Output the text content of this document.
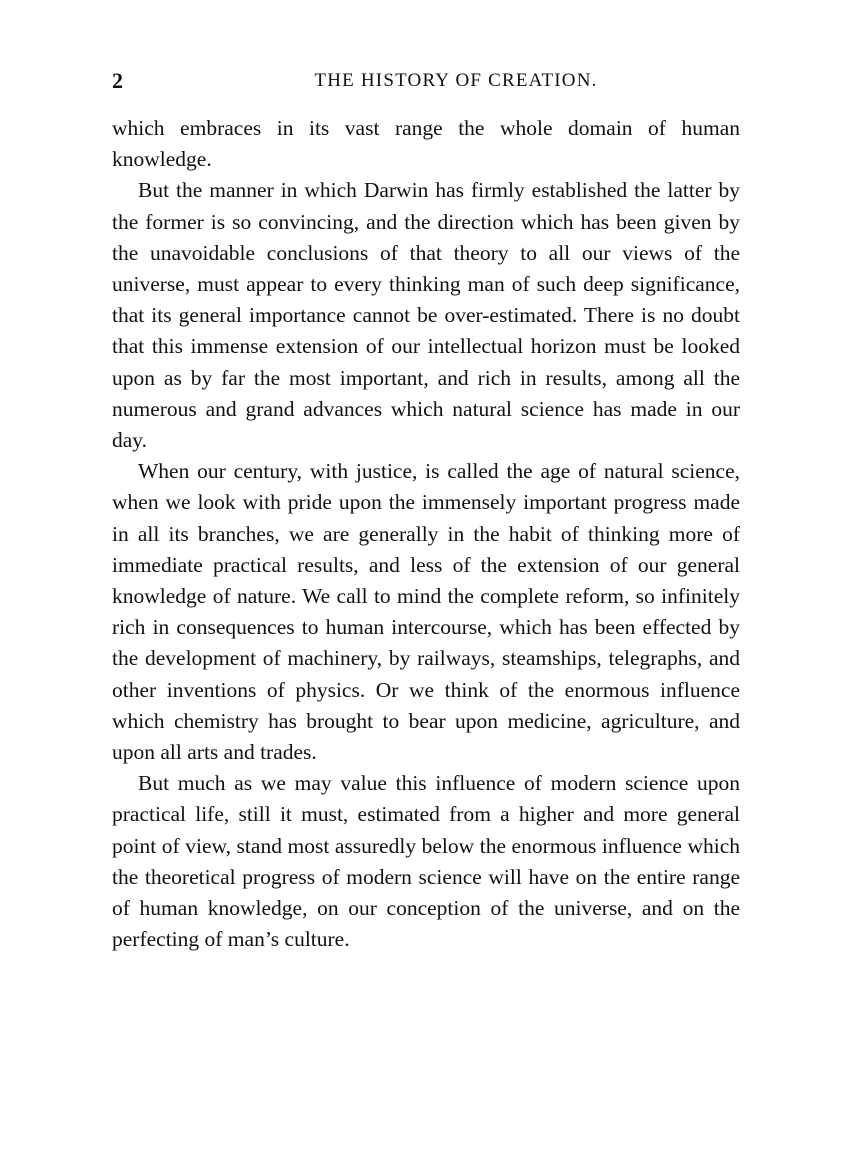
2	THE HISTORY OF CREATION.

which embraces in its vast range the whole domain of human knowledge.

But the manner in which Darwin has firmly established the latter by the former is so convincing, and the direction which has been given by the unavoidable conclusions of that theory to all our views of the universe, must appear to every thinking man of such deep significance, that its general importance cannot be over-estimated. There is no doubt that this immense extension of our intellectual horizon must be looked upon as by far the most important, and rich in results, among all the numerous and grand advances which natural science has made in our day.

When our century, with justice, is called the age of natural science, when we look with pride upon the immensely important progress made in all its branches, we are generally in the habit of thinking more of immediate practical results, and less of the extension of our general knowledge of nature. We call to mind the complete reform, so infinitely rich in consequences to human intercourse, which has been effected by the development of machinery, by railways, steamships, telegraphs, and other inventions of physics. Or we think of the enormous influence which chemistry has brought to bear upon medicine, agriculture, and upon all arts and trades.

But much as we may value this influence of modern science upon practical life, still it must, estimated from a higher and more general point of view, stand most assuredly below the enormous influence which the theoretical progress of modern science will have on the entire range of human knowledge, on our conception of the universe, and on the perfecting of man’s culture.
